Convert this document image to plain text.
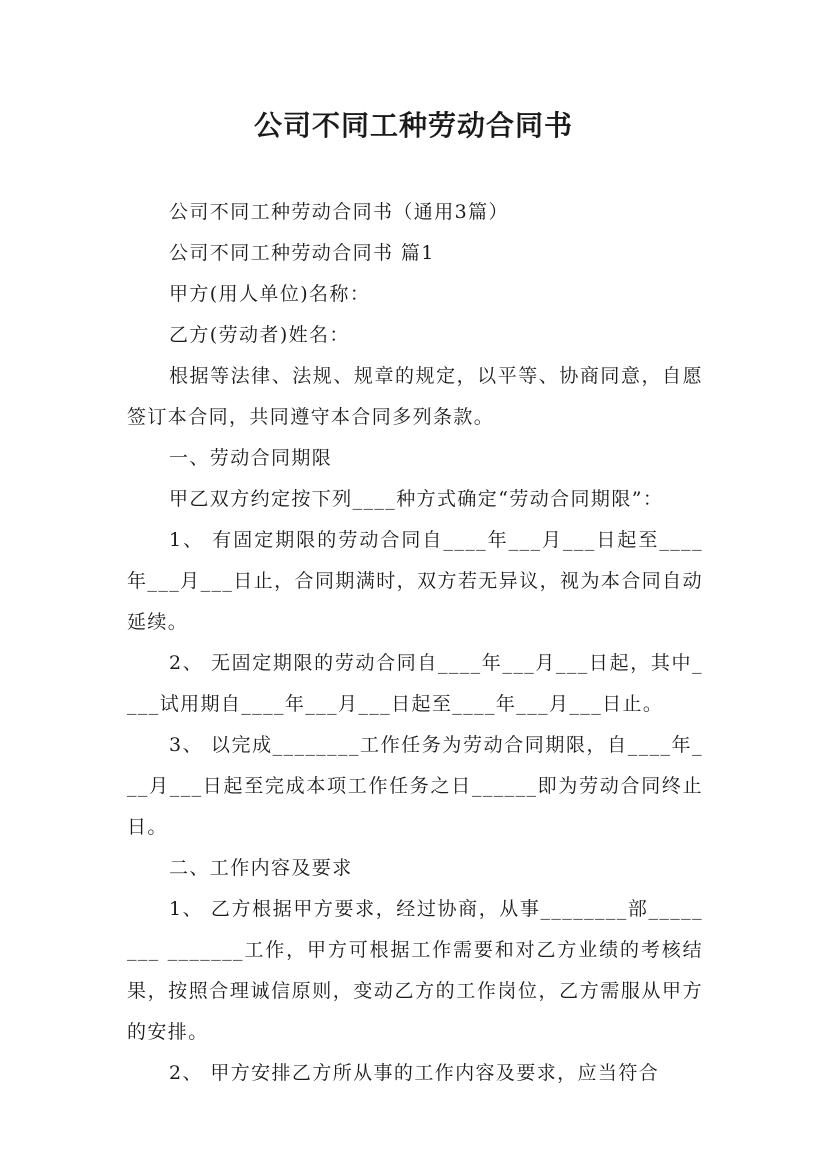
公司不同工种劳动合同书

公司不同工种劳动合同书（通用3篇）

公司不同工种劳动合同书 篇1

甲方(用人单位)名称：

乙方(劳动者)姓名：

根据等法律、法规、规章的规定，以平等、协商同意，自愿签订本合同，共同遵守本合同多列条款。

一、劳动合同期限

甲乙双方约定按下列____种方式确定“劳动合同期限”：

1、 有固定期限的劳动合同自____年___月___日起至____年___月___日止，合同期满时，双方若无异议，视为本合同自动延续。

2、 无固定期限的劳动合同自____年___月___日起，其中____试用期自____年___月___日起至____年___月___日止。

3、 以完成________工作任务为劳动合同期限，自____年___月___日起至完成本项工作任务之日______即为劳动合同终止日。

二、工作内容及要求

1、 乙方根据甲方要求，经过协商，从事________部________ _______工作，甲方可根据工作需要和对乙方业绩的考核结果，按照合理诚信原则，变动乙方的工作岗位，乙方需服从甲方的安排。

2、 甲方安排乙方所从事的工作内容及要求，应当符合
